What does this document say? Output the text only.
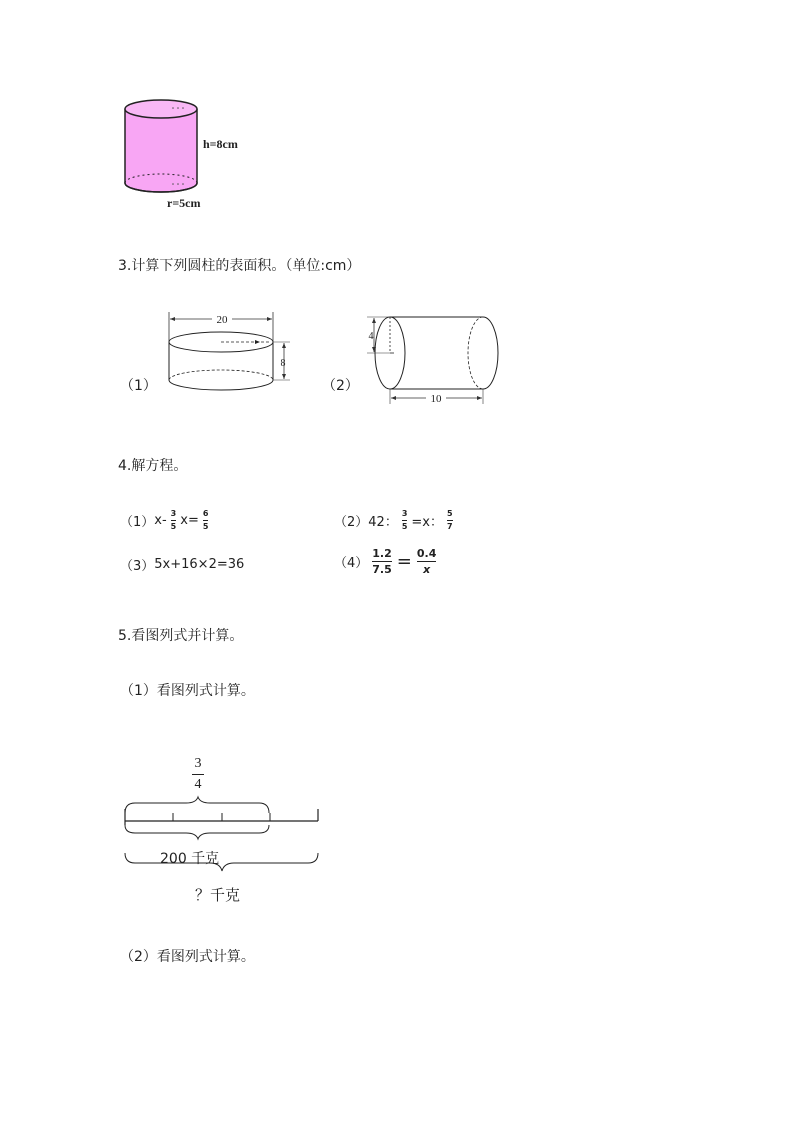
h=8cm
r=5cm
3.计算下列圆柱的表面积。（单位:cm）
（1）
20
8
（2）
4
10
4.解方程。
（1） $x- \frac{3}{5} x= \frac{6}{5}$	（2） 42： $\frac{3}{5} =x$： $\frac{5}{7}$
（3） 5x+16×2=36	$(4) \frac{1.2}{7.5} = \frac{0.4}{x}$
5.看图列式并计算。
（1）看图列式计算。
3
4
200 千克
？千克
（2）看图列式计算。
